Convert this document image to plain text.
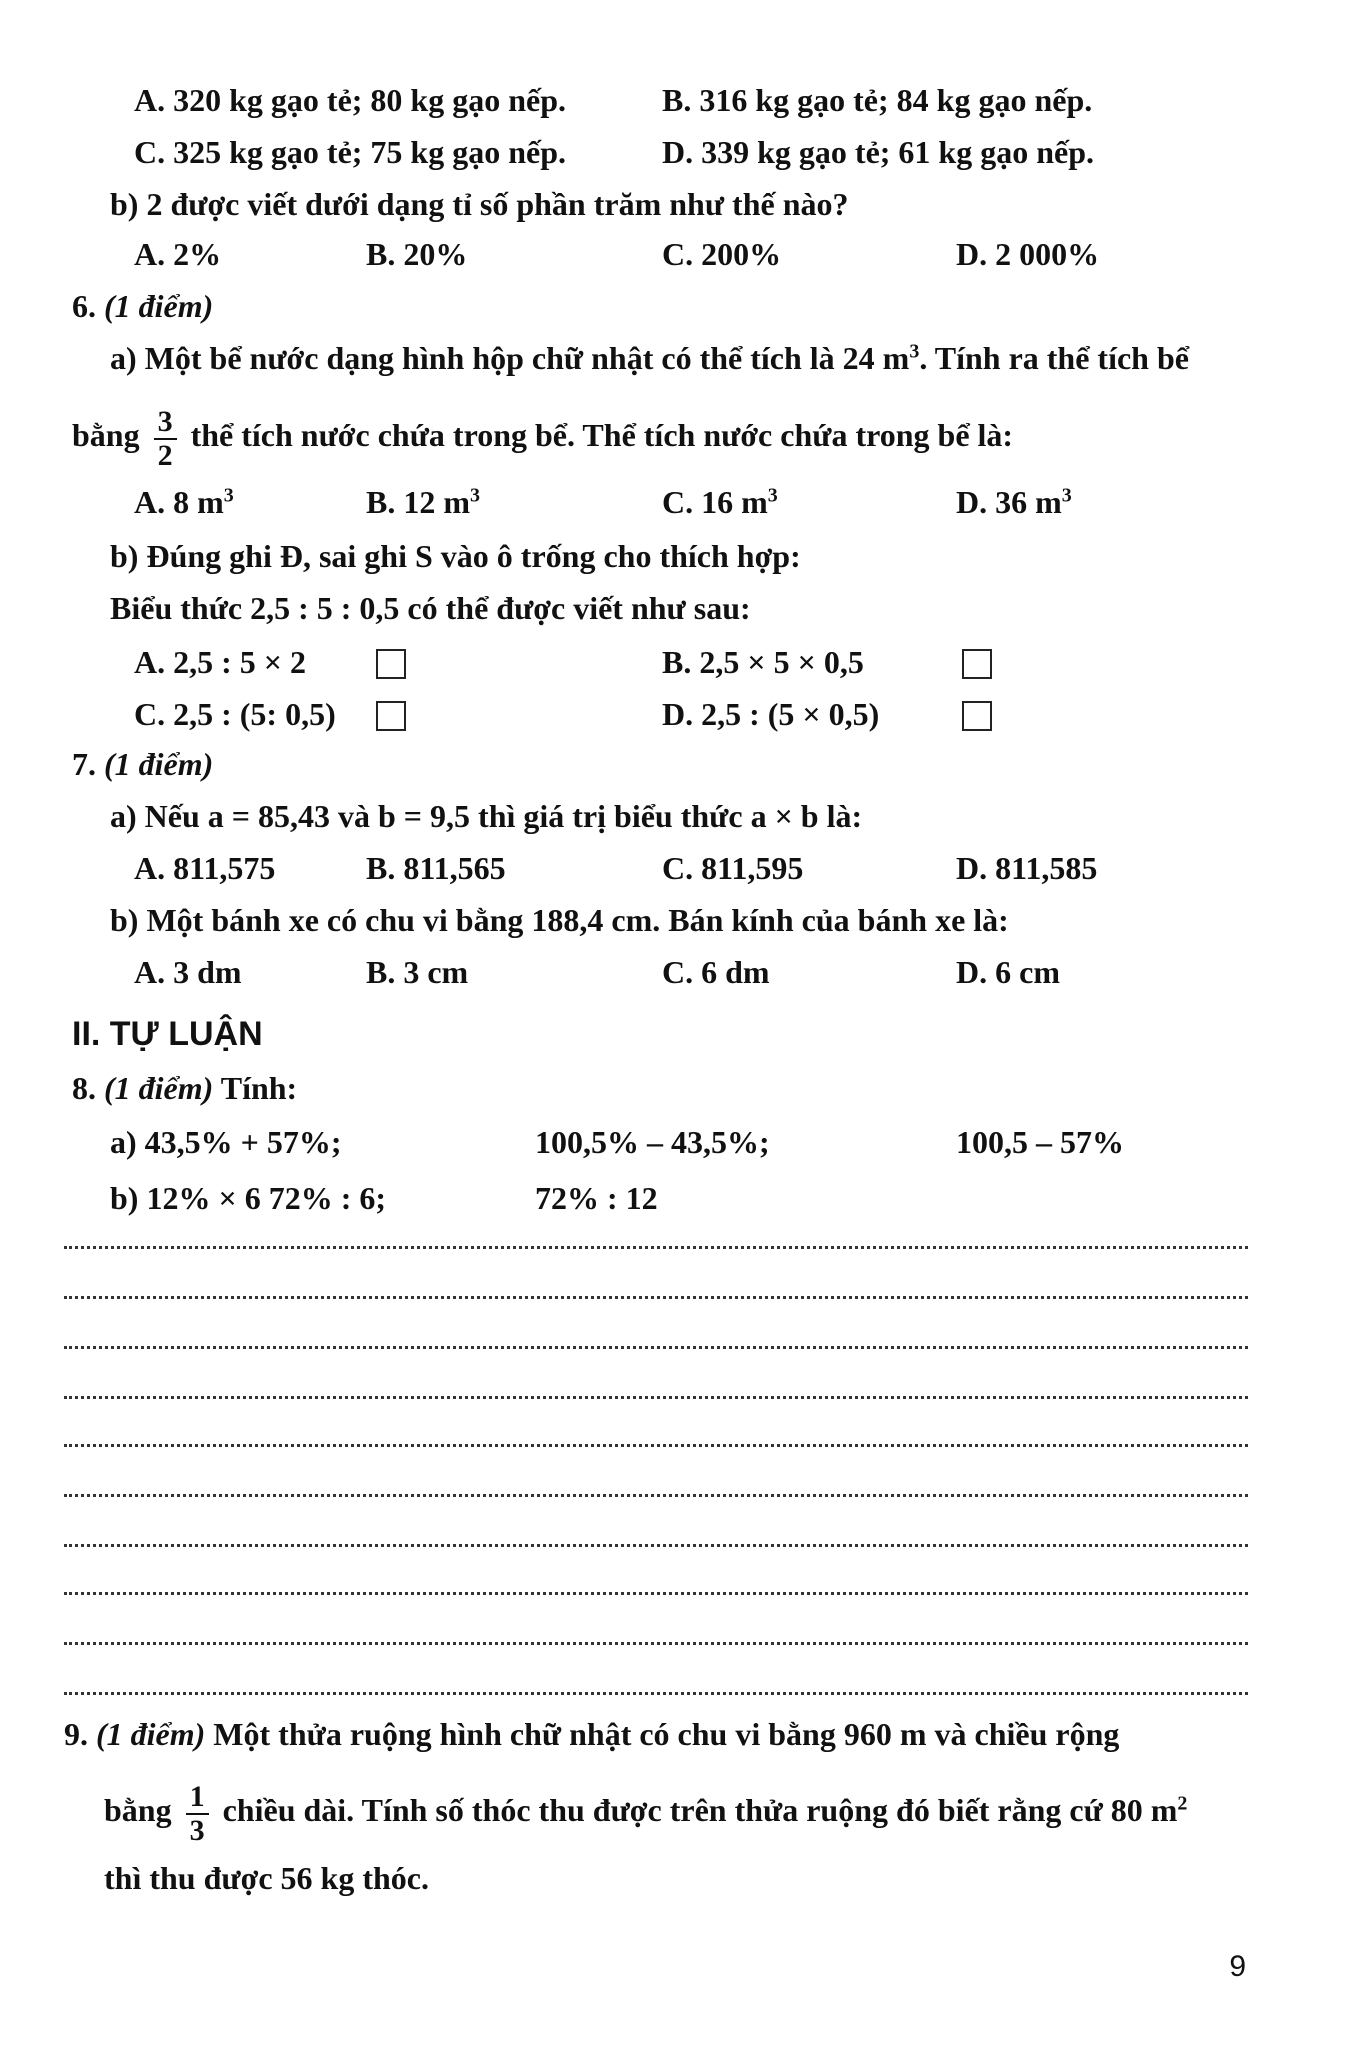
A. 320 kg gạo tẻ; 80 kg gạo nếp.	B. 316 kg gạo tẻ; 84 kg gạo nếp.
C. 325 kg gạo tẻ; 75 kg gạo nếp.	D. 339 kg gạo tẻ; 61 kg gạo nếp.
b) 2 được viết dưới dạng tỉ số phần trăm như thế nào?
A. 2%	B. 20%	C. 200%	D. 2 000%
6. (1 điểm)
a) Một bể nước dạng hình hộp chữ nhật có thể tích là 24 $m^3$. Tính ra thể tích bể
bằng $\frac{3}{2}$ thể tích nước chứa trong bể. Thể tích nước chứa trong bể là:
A. 8 $m^3$	B. 12 $m^3$	C. 16 $m^3$	D. 36 $m^3$
b) Đúng ghi Đ, sai ghi S vào ô trống cho thích hợp:
Biểu thức 2,5 : 5 : 0,5 có thể được viết như sau:
A. 2,5 : 5 × 2	B. 2,5 × 5 × 0,5
C. 2,5 : (5: 0,5)	D. 2,5 : (5 × 0,5)
7. (1 điểm)
a) Nếu a = 85,43 và b = 9,5 thì giá trị biểu thức a × b là:
A. 811,575	B. 811,565	C. 811,595	D. 811,585
b) Một bánh xe có chu vi bằng 188,4 cm. Bán kính của bánh xe là:
A. 3 dm	B. 3 cm	C. 6 dm	D. 6 cm
II. TỰ LUẬN
8. (1 điểm) Tính:
a) 43,5% + 57%;	100,5% – 43,5%;	100,5 – 57%
b) 12% × 6 72% : 6;	72% : 12
9. (1 điểm) Một thửa ruộng hình chữ nhật có chu vi bằng 960 m và chiều rộng
bằng $\frac{1}{3}$ chiều dài. Tính số thóc thu được trên thửa ruộng đó biết rằng cứ 80 $m^2$
thì thu được 56 kg thóc.
9
